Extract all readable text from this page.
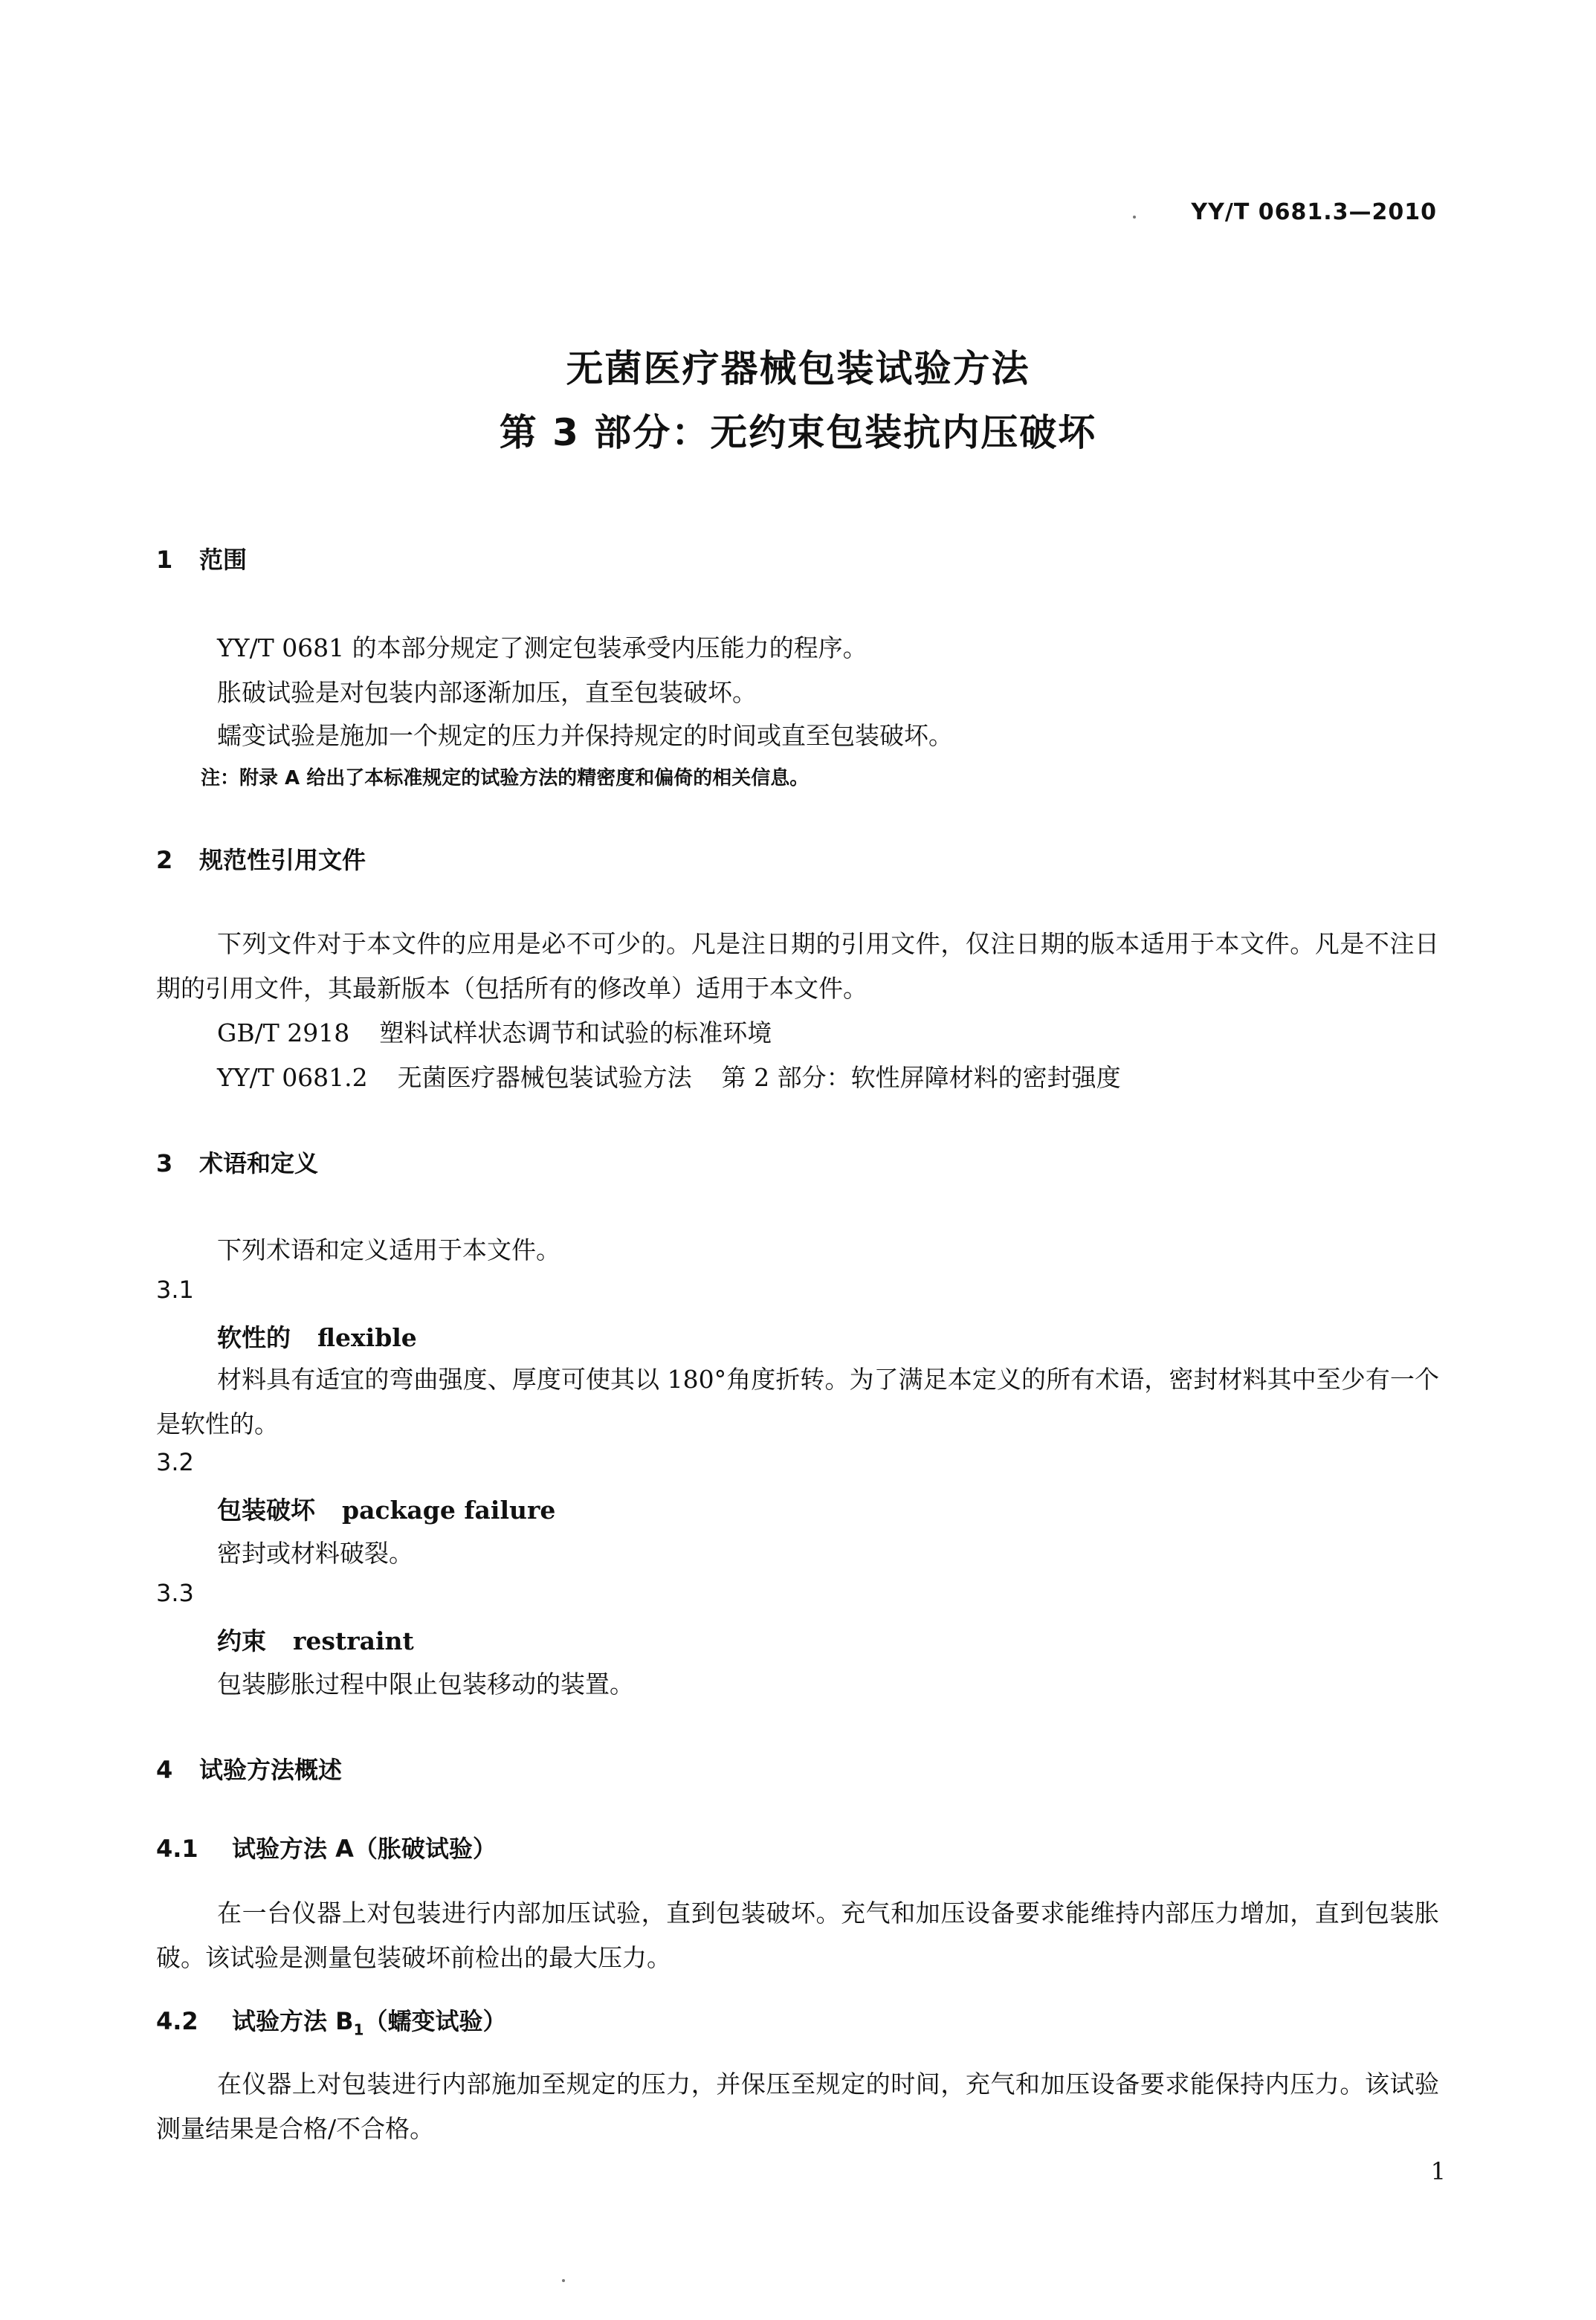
YY/T 0681.3—2010
无菌医疗器械包装试验方法
第 3 部分：无约束包装抗内压破坏
1 范围
YY/T 0681 的本部分规定了测定包装承受内压能力的程序。
胀破试验是对包装内部逐渐加压，直至包装破坏。
蠕变试验是施加一个规定的压力并保持规定的时间或直至包装破坏。
注：附录 A 给出了本标准规定的试验方法的精密度和偏倚的相关信息。
2 规范性引用文件
下列文件对于本文件的应用是必不可少的。凡是注日期的引用文件，仅注日期的版本适用于本文件。凡是不注日期的引用文件，其最新版本（包括所有的修改单）适用于本文件。
GB/T 2918 塑料试样状态调节和试验的标准环境
YY/T 0681.2 无菌医疗器械包装试验方法 第 2 部分：软性屏障材料的密封强度
3 术语和定义
下列术语和定义适用于本文件。
3.1
软性的 flexible
材料具有适宜的弯曲强度、厚度可使其以 180°角度折转。为了满足本定义的所有术语，密封材料其中至少有一个是软性的。
3.2
包装破坏 package failure
密封或材料破裂。
3.3
约束 restraint
包装膨胀过程中限止包装移动的装置。
4 试验方法概述
4.1 试验方法 A（胀破试验）
在一台仪器上对包装进行内部加压试验，直到包装破坏。充气和加压设备要求能维持内部压力增加，直到包装胀破。该试验是测量包装破坏前检出的最大压力。
4.2 试验方法 $B_1$（蠕变试验）
在仪器上对包装进行内部施加至规定的压力，并保压至规定的时间，充气和加压设备要求能保持内压力。该试验测量结果是合格/不合格。
1
